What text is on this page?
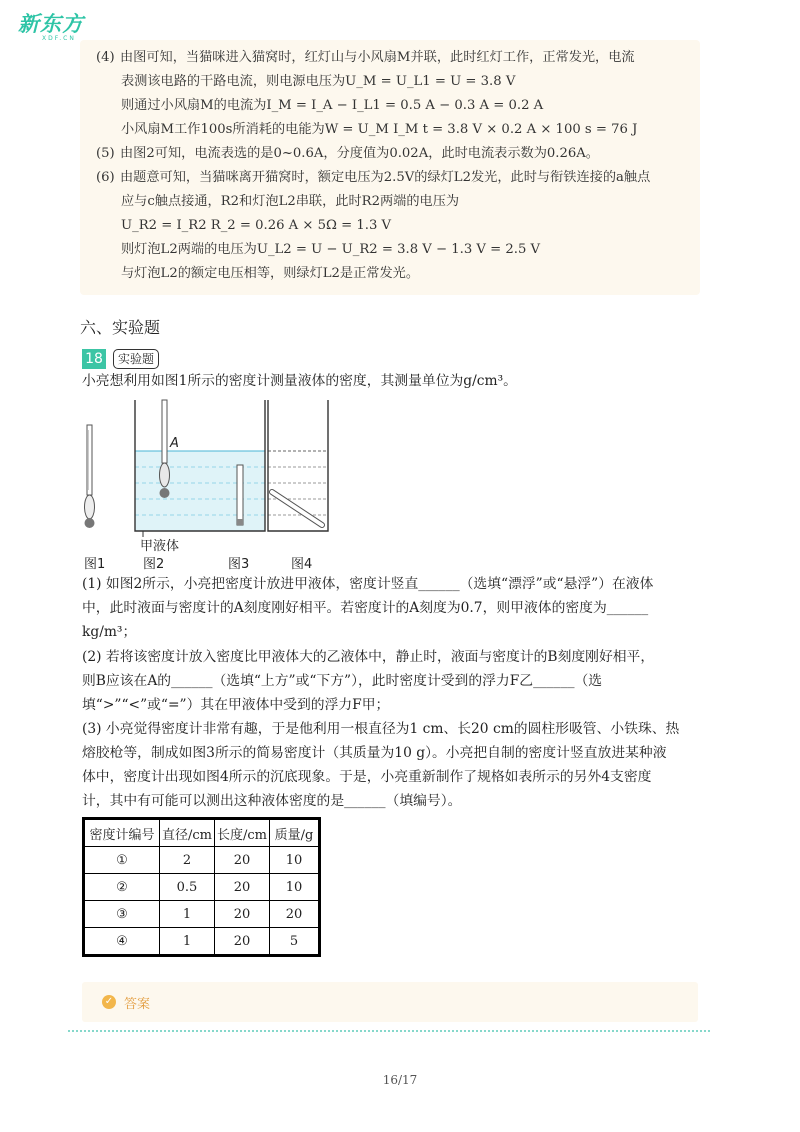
新东方
XDF.CN
(4) 由图可知，当猫咪进入猫窝时，红灯山与小风扇M并联，此时红灯工作，正常发光，电流
表测该电路的干路电流，则电源电压为U_M = U_L1 = U = 3.8 V
则通过小风扇M的电流为I_M = I_A − I_L1 = 0.5 A − 0.3 A = 0.2 A
小风扇M工作100s所消耗的电能为W = U_M I_M t = 3.8 V × 0.2 A × 100 s = 76 J
(5) 由图2可知，电流表选的是0~0.6A，分度值为0.02A，此时电流表示数为0.26A。
(6) 由题意可知，当猫咪离开猫窝时，额定电压为2.5V的绿灯L2发光，此时与衔铁连接的a触点
应与c触点接通，R2和灯泡L2串联，此时R2两端的电压为
U_R2 = I_R2 R_2 = 0.26 A × 5Ω = 1.3 V
则灯泡L2两端的电压为U_L2 = U − U_R2 = 3.8 V − 1.3 V = 2.5 V
与灯泡L2的额定电压相等，则绿灯L2是正常发光。
六、实验题
18	实验题
小亮想利用如图1所示的密度计测量液体的密度，其测量单位为g/cm³。
A
甲液体
图1	图2	图3	图4
(1) 如图2所示，小亮把密度计放进甲液体，密度计竖直______（选填“漂浮”或“悬浮”）在液体
中，此时液面与密度计的A刻度刚好相平。若密度计的A刻度为0.7，则甲液体的密度为______
kg/m³；
(2) 若将该密度计放入密度比甲液体大的乙液体中，静止时，液面与密度计的B刻度刚好相平，
则B应该在A的______（选填“上方”或“下方”），此时密度计受到的浮力F乙______（选
填“>”“<”或“=”）其在甲液体中受到的浮力F甲；
(3) 小亮觉得密度计非常有趣，于是他利用一根直径为1 cm、长20 cm的圆柱形吸管、小铁珠、热
熔胶枪等，制成如图3所示的简易密度计（其质量为10 g）。小亮把自制的密度计竖直放进某种液
体中，密度计出现如图4所示的沉底现象。于是，小亮重新制作了规格如表所示的另外4支密度
计，其中有可能可以测出这种液体密度的是______（填编号）。
密度计编号	直径/cm	长度/cm	质量/g
①	2	20	10
②	0.5	20	10
③	1	20	20
④	1	20	5
✓ 答案
16/17
